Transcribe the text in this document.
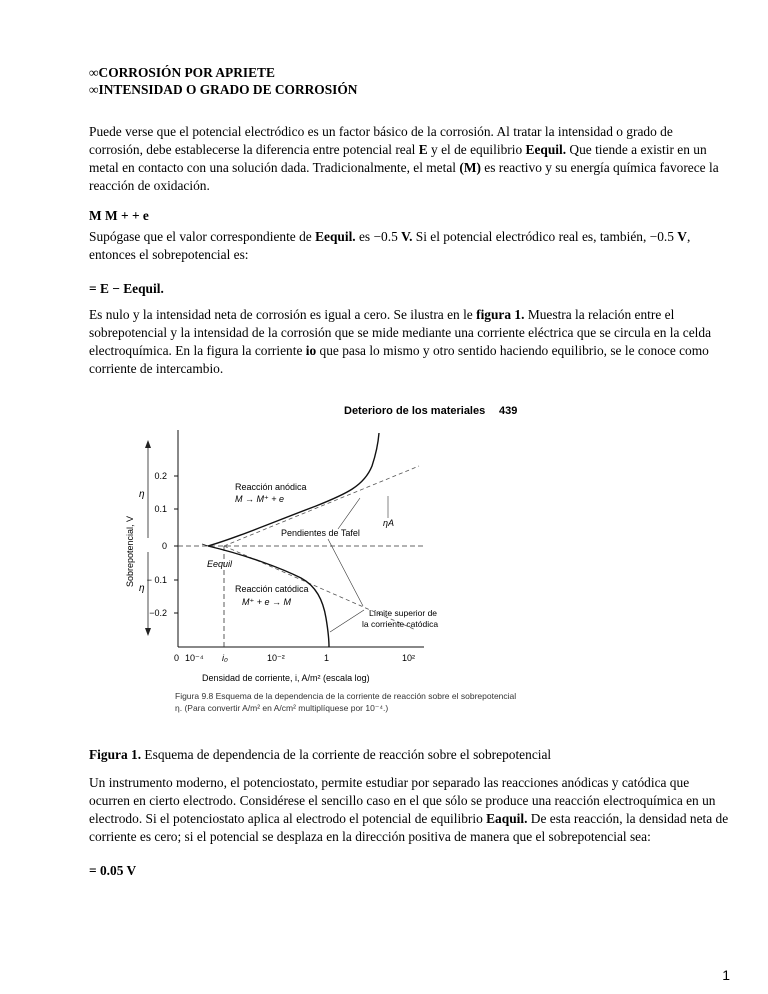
∞CORROSIÓN POR APRIETE
∞INTENSIDAD O GRADO DE CORROSIÓN

Puede verse que el potencial electródico es un factor básico de la corrosión. Al tratar la intensidad o grado de corrosión, debe establecerse la diferencia entre potencial real E y el de equilibrio Eequil. Que tiende a existir en un metal en contacto con una solución dada. Tradicionalmente, el metal (M) es reactivo y su energía química favorece la reacción de oxidación.

M M + + e

Supógase que el valor correspondiente de Eequil. es −0.5 V. Si el potencial electródico real es, también, −0.5 V, entonces el sobrepotencial es:

= E − Eequil.

Es nulo y la intensidad neta de corrosión es igual a cero. Se ilustra en le figura 1. Muestra la relación entre el sobrepotencial y la intensidad de la corrosión que se mide mediante una corriente eléctrica que se circula en la celda electroquímica. En la figura la corriente io que pasa lo mismo y otro sentido haciendo equilibrio, se le conoce como corriente de intercambio.

Deterioro de los materiales 439
Sobrepotencial, V
η
η
0.2
0.1
0
− 0.1
−0.2
0 10⁻⁴ i₀	10⁻²	1	10²
Eequil
Reacción anódica
M → M⁺ + e
Pendientes de Tafel
ηA
Reacción catódica
M⁺ + e → M
Límite superior de
la corriente catódica
Densidad de corriente, i, A/m² (escala log)
Figura 9.8 Esquema de la dependencia de la corriente de reacción sobre el sobrepotencial
η. (Para convertir A/m² en A/cm² multiplíquese por 10⁻⁴.)

Figura 1. Esquema de dependencia de la corriente de reacción sobre el sobrepotencial

Un instrumento moderno, el potenciostato, permite estudiar por separado las reacciones anódicas y catódica que ocurren en cierto electrodo. Considérese el sencillo caso en el que sólo se produce una reacción electroquímica en un electrodo. Si el potenciostato aplica al electrodo el potencial de equilibrio Eaquil. De esta reacción, la densidad neta de corriente es cero; si el potencial se desplaza en la dirección positiva de manera que el sobrepotencial sea:

= 0.05 V

1
